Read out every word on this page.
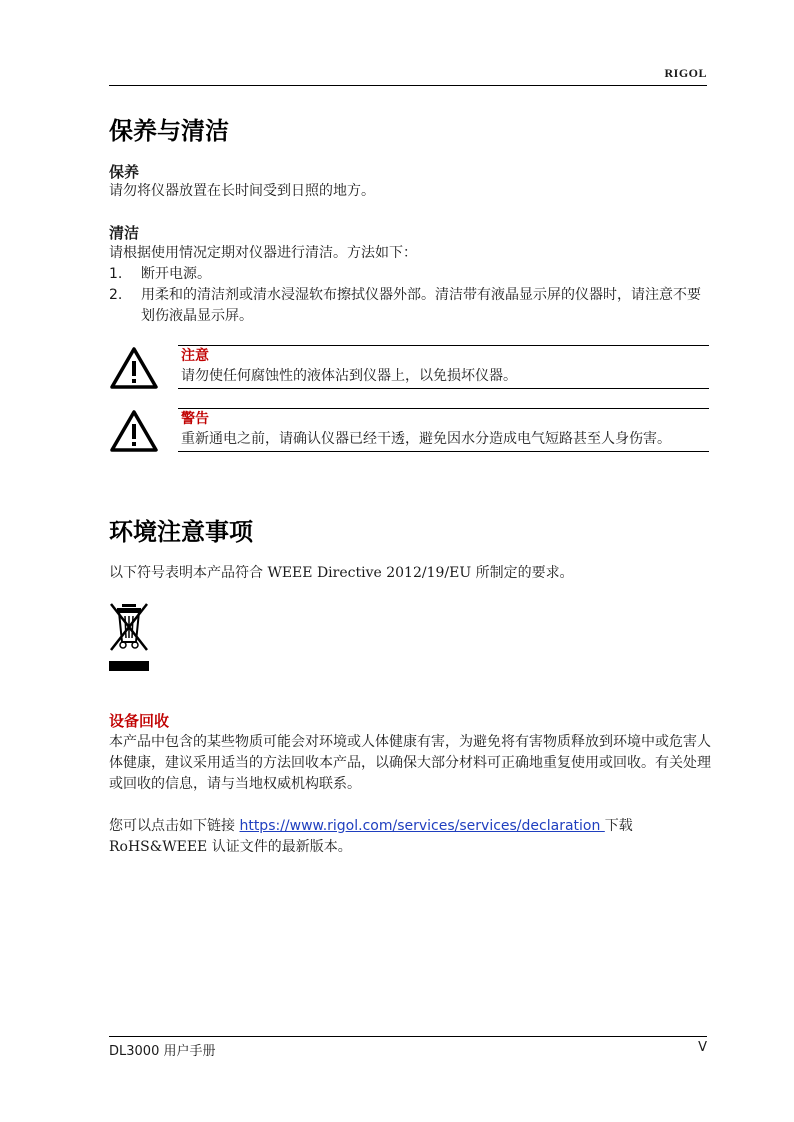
RIGOL
保养与清洁
保养

请勿将仪器放置在长时间受到日照的地方。

清洁

请根据使用情况定期对仪器进行清洁。方法如下：

1.	断开电源。
2.	用柔和的清洁剂或清水浸湿软布擦拭仪器外部。清洁带有液晶显示屏的仪器时，请注意不要划伤液晶显示屏。
注意
请勿使任何腐蚀性的液体沾到仪器上，以免损坏仪器。
警告
重新通电之前，请确认仪器已经干透，避免因水分造成电气短路甚至人身伤害。
环境注意事项

以下符号表明本产品符合 WEEE Directive 2012/19/EU 所制定的要求。

设备回收

本产品中包含的某些物质可能会对环境或人体健康有害，为避免将有害物质释放到环境中或危害人体健康，建议采用适当的方法回收本产品，以确保大部分材料可正确地重复使用或回收。有关处理或回收的信息，请与当地权威机构联系。

您可以点击如下链接 https://www.rigol.com/services/services/declaration 下载 RoHS&WEEE 认证文件的最新版本。

DL3000 用户手册	V
